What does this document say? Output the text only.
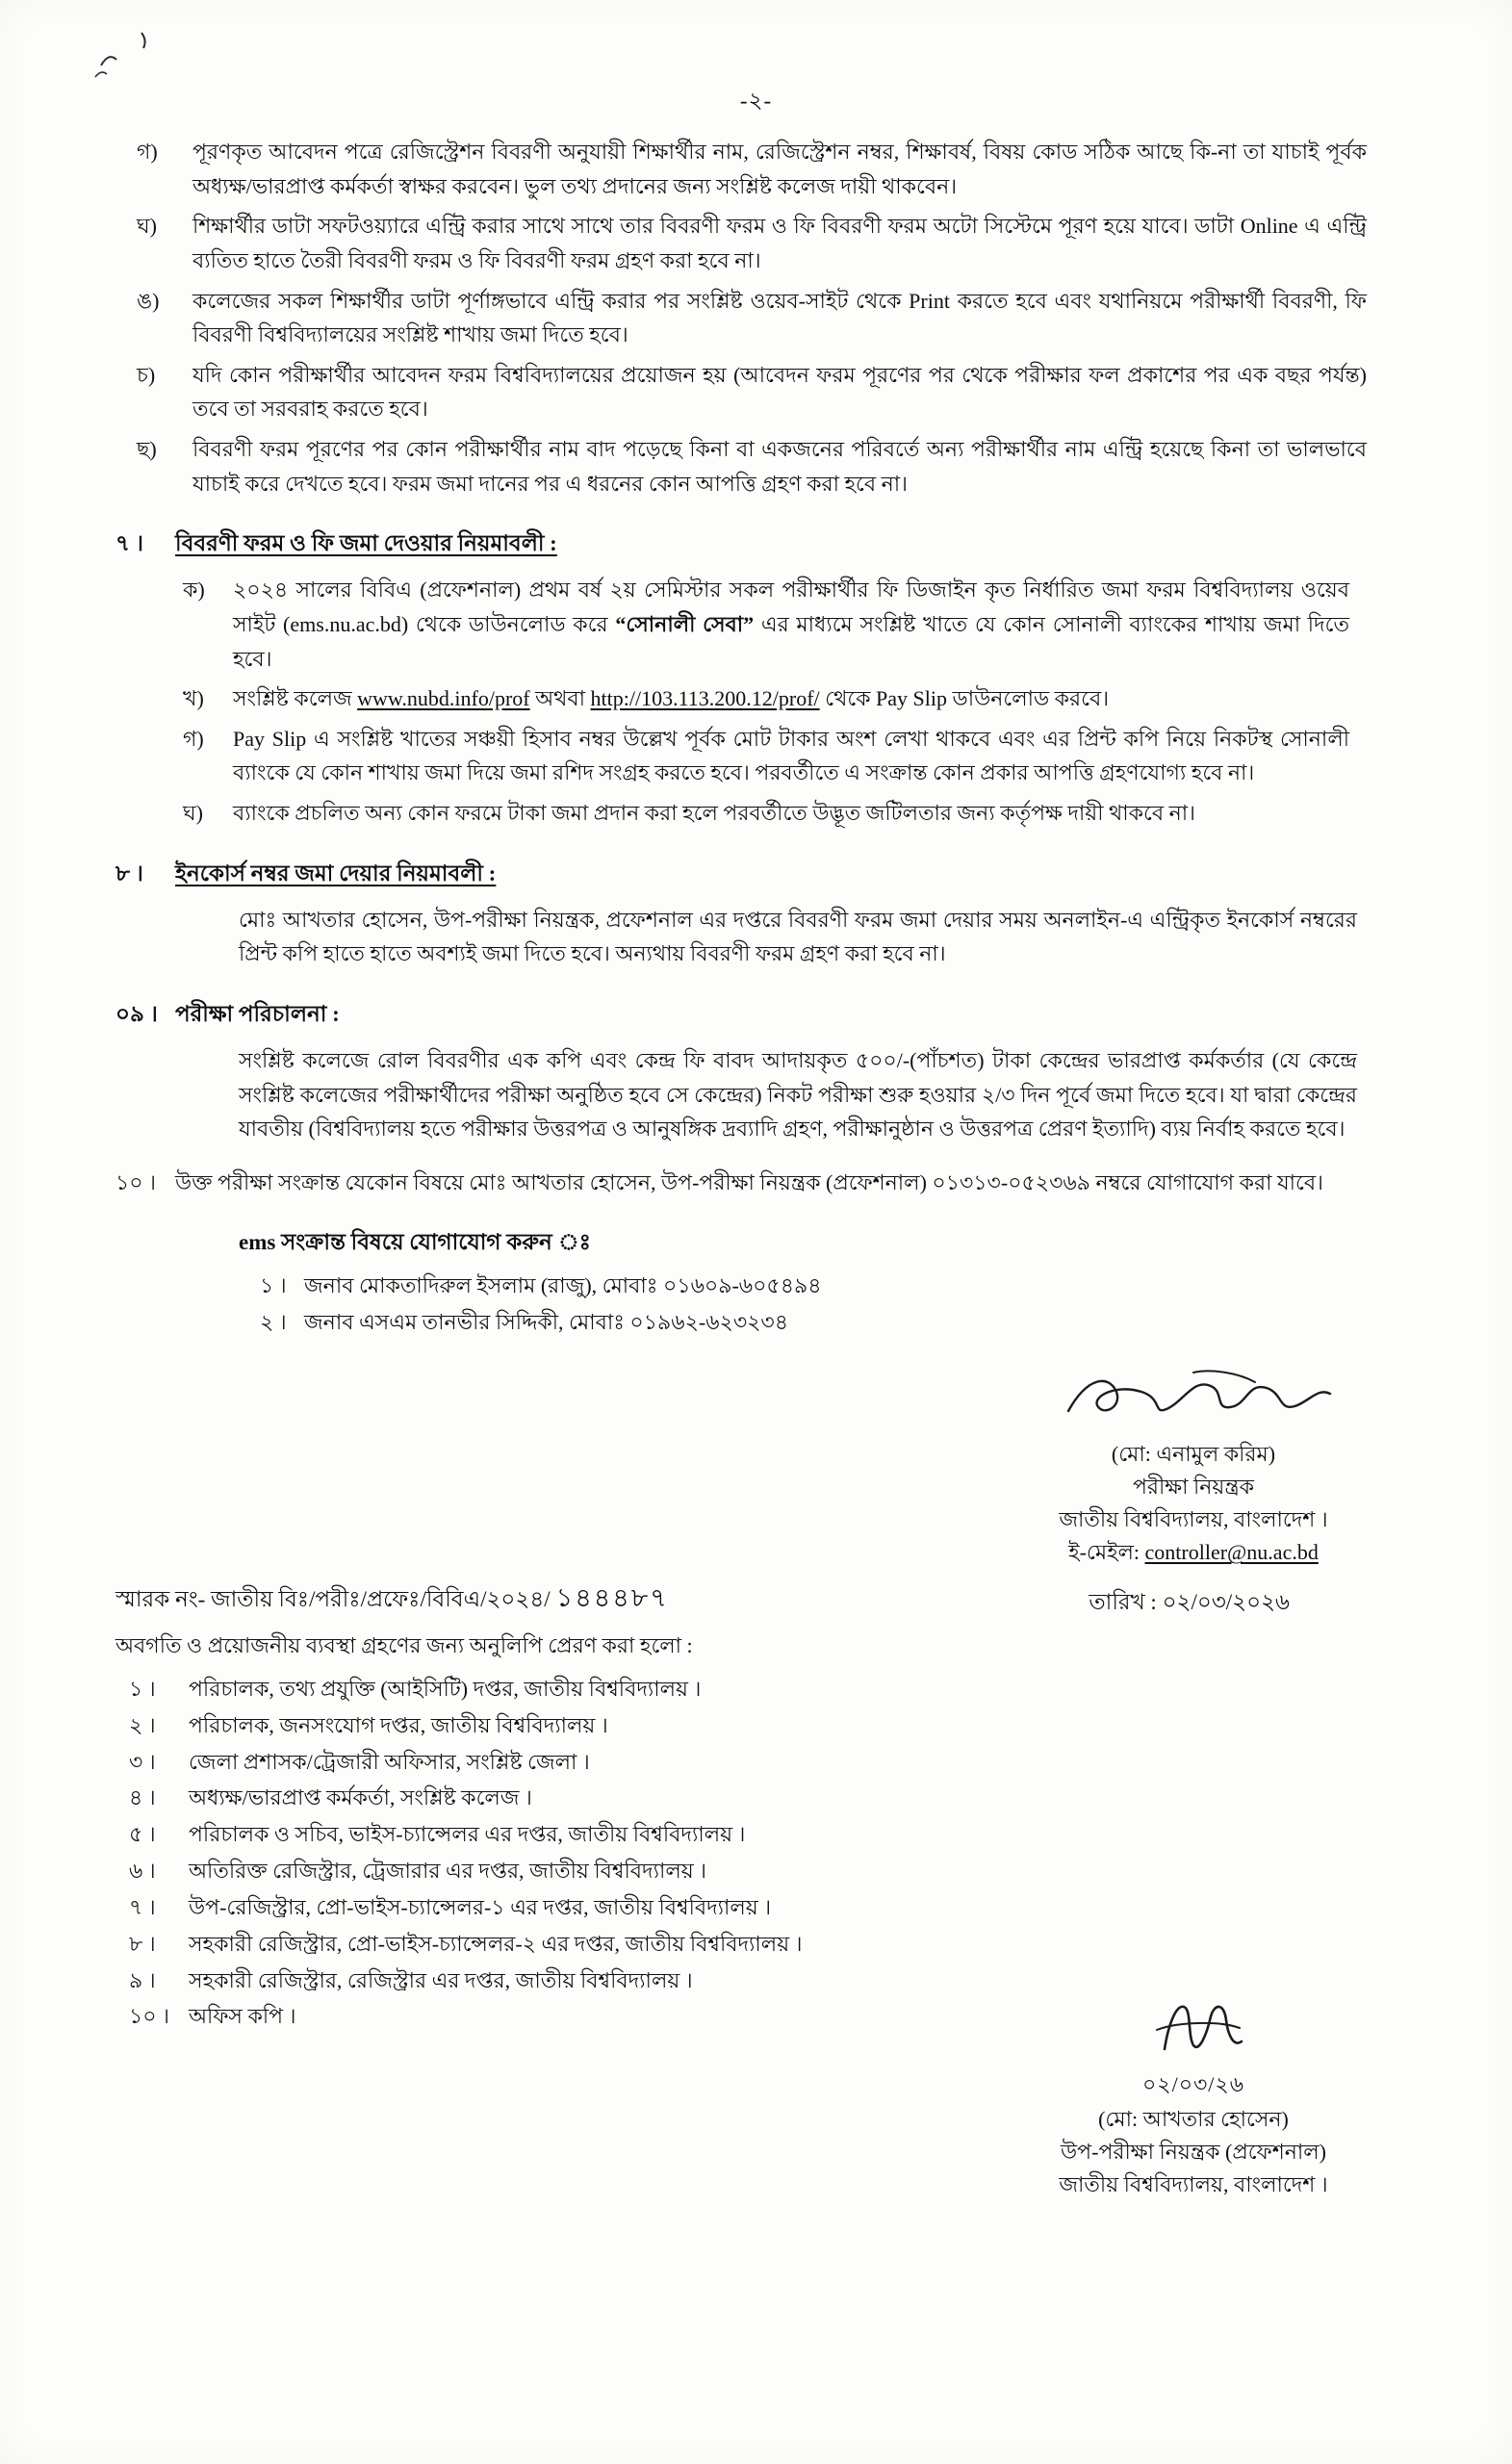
-২-
গ)	পূরণকৃত আবেদন পত্রে রেজিস্ট্রেশন বিবরণী অনুযায়ী শিক্ষার্থীর নাম, রেজিস্ট্রেশন নম্বর, শিক্ষাবর্ষ, বিষয় কোড সঠিক আছে কি-না তা যাচাই পূর্বক অধ্যক্ষ/ভারপ্রাপ্ত কর্মকর্তা স্বাক্ষর করবেন। ভুল তথ্য প্রদানের জন্য সংশ্লিষ্ট কলেজ দায়ী থাকবেন।
ঘ)	শিক্ষার্থীর ডাটা সফটওয়্যারে এন্ট্রি করার সাথে সাথে তার বিবরণী ফরম ও ফি বিবরণী ফরম অটো সিস্টেমে পূরণ হয়ে যাবে। ডাটা Online এ এন্ট্রি ব্যতিত হাতে তৈরী বিবরণী ফরম ও ফি বিবরণী ফরম গ্রহণ করা হবে না।
ঙ)	কলেজের সকল শিক্ষার্থীর ডাটা পূর্ণাঙ্গভাবে এন্ট্রি করার পর সংশ্লিষ্ট ওয়েব-সাইট থেকে Print করতে হবে এবং যথানিয়মে পরীক্ষার্থী বিবরণী, ফি বিবরণী বিশ্ববিদ্যালয়ের সংশ্লিষ্ট শাখায় জমা দিতে হবে।
চ)	যদি কোন পরীক্ষার্থীর আবেদন ফরম বিশ্ববিদ্যালয়ের প্রয়োজন হয় (আবেদন ফরম পূরণের পর থেকে পরীক্ষার ফল প্রকাশের পর এক বছর পর্যন্ত) তবে তা সরবরাহ করতে হবে।
ছ)	বিবরণী ফরম পূরণের পর কোন পরীক্ষার্থীর নাম বাদ পড়েছে কিনা বা একজনের পরিবর্তে অন্য পরীক্ষার্থীর নাম এন্ট্রি হয়েছে কিনা তা ভালভাবে যাচাই করে দেখতে হবে। ফরম জমা দানের পর এ ধরনের কোন আপত্তি গ্রহণ করা হবে না।
৭ ।	বিবরণী ফরম ও ফি জমা দেওয়ার নিয়মাবলী :
ক)	২০২৪ সালের বিবিএ (প্রফেশনাল) প্রথম বর্ষ ২য় সেমিস্টার সকল পরীক্ষার্থীর ফি ডিজাইন কৃত নির্ধারিত জমা ফরম বিশ্ববিদ্যালয় ওয়েব সাইট (ems.nu.ac.bd) থেকে ডাউনলোড করে “সোনালী সেবা” এর মাধ্যমে সংশ্লিষ্ট খাতে যে কোন সোনালী ব্যাংকের শাখায় জমা দিতে হবে।
খ)	সংশ্লিষ্ট কলেজ www.nubd.info/prof অথবা http://103.113.200.12/prof/ থেকে Pay Slip ডাউনলোড করবে।
গ)	Pay Slip এ সংশ্লিষ্ট খাতের সঞ্চয়ী হিসাব নম্বর উল্লেখ পূর্বক মোট টাকার অংশ লেখা থাকবে এবং এর প্রিন্ট কপি নিয়ে নিকটস্থ সোনালী ব্যাংকে যে কোন শাখায় জমা দিয়ে জমা রশিদ সংগ্রহ করতে হবে। পরবর্তীতে এ সংক্রান্ত কোন প্রকার আপত্তি গ্রহণযোগ্য হবে না।
ঘ)	ব্যাংকে প্রচলিত অন্য কোন ফরমে টাকা জমা প্রদান করা হলে পরবর্তীতে উদ্ভূত জটিলতার জন্য কর্তৃপক্ষ দায়ী থাকবে না।
৮ ।	ইনকোর্স নম্বর জমা দেয়ার নিয়মাবলী :
মোঃ আখতার হোসেন, উপ-পরীক্ষা নিয়ন্ত্রক, প্রফেশনাল এর দপ্তরে বিবরণী ফরম জমা দেয়ার সময় অনলাইন-এ এন্ট্রিকৃত ইনকোর্স নম্বরের প্রিন্ট কপি হাতে হাতে অবশ্যই জমা দিতে হবে। অন্যথায় বিবরণী ফরম গ্রহণ করা হবে না।
০৯ । পরীক্ষা পরিচালনা :
সংশ্লিষ্ট কলেজে রোল বিবরণীর এক কপি এবং কেন্দ্র ফি বাবদ আদায়কৃত ৫০০/-(পাঁচশত) টাকা কেন্দ্রের ভারপ্রাপ্ত কর্মকর্তার (যে কেন্দ্রে সংশ্লিষ্ট কলেজের পরীক্ষার্থীদের পরীক্ষা অনুষ্ঠিত হবে সে কেন্দ্রের) নিকট পরীক্ষা শুরু হওয়ার ২/৩ দিন পূর্বে জমা দিতে হবে। যা দ্বারা কেন্দ্রের যাবতীয় (বিশ্ববিদ্যালয় হতে পরীক্ষার উত্তরপত্র ও আনুষঙ্গিক দ্রব্যাদি গ্রহণ, পরীক্ষানুষ্ঠান ও উত্তরপত্র প্রেরণ ইত্যাদি) ব্যয় নির্বাহ করতে হবে।
১০ । উক্ত পরীক্ষা সংক্রান্ত যেকোন বিষয়ে মোঃ আখতার হোসেন, উপ-পরীক্ষা নিয়ন্ত্রক (প্রফেশনাল) ০১৩১৩-০৫২৩৬৯ নম্বরে যোগাযোগ করা যাবে।
ems সংক্রান্ত বিষয়ে যোগাযোগ করুন ঃ
১ । জনাব মোকতাদিরুল ইসলাম (রাজু), মোবাঃ ০১৬০৯-৬০৫৪৯৪
২ । জনাব এসএম তানভীর সিদ্দিকী, মোবাঃ ০১৯৬২-৬২৩২৩৪
(মো: এনামুল করিম)
পরীক্ষা নিয়ন্ত্রক
জাতীয় বিশ্ববিদ্যালয়, বাংলাদেশ ।
ই-মেইল: controller@nu.ac.bd
স্মারক নং- জাতীয় বিঃ/পরীঃ/প্রফেঃ/বিবিএ/২০২৪/ ১৪৪৪৮৭	তারিখ : ০২/০৩/২০২৬
অবগতি ও প্রয়োজনীয় ব্যবস্থা গ্রহণের জন্য অনুলিপি প্রেরণ করা হলো :
১ ।	পরিচালক, তথ্য প্রযুক্তি (আইসিটি) দপ্তর, জাতীয় বিশ্ববিদ্যালয় ।
২ ।	পরিচালক, জনসংযোগ দপ্তর, জাতীয় বিশ্ববিদ্যালয় ।
৩ ।	জেলা প্রশাসক/ট্রেজারী অফিসার, সংশ্লিষ্ট জেলা ।
৪ ।	অধ্যক্ষ/ভারপ্রাপ্ত কর্মকর্তা, সংশ্লিষ্ট কলেজ ।
৫ ।	পরিচালক ও সচিব, ভাইস-চ্যান্সেলর এর দপ্তর, জাতীয় বিশ্ববিদ্যালয় ।
৬ ।	অতিরিক্ত রেজিস্ট্রার, ট্রেজারার এর দপ্তর, জাতীয় বিশ্ববিদ্যালয় ।
৭ ।	উপ-রেজিস্ট্রার, প্রো-ভাইস-চ্যান্সেলর-১ এর দপ্তর, জাতীয় বিশ্ববিদ্যালয় ।
৮ ।	সহকারী রেজিস্ট্রার, প্রো-ভাইস-চ্যান্সেলর-২ এর দপ্তর, জাতীয় বিশ্ববিদ্যালয় ।
৯ ।	সহকারী রেজিস্ট্রার, রেজিস্ট্রার এর দপ্তর, জাতীয় বিশ্ববিদ্যালয় ।
১০ । অফিস কপি ।
০২/০৩/২৬
(মো: আখতার হোসেন)
উপ-পরীক্ষা নিয়ন্ত্রক (প্রফেশনাল)
জাতীয় বিশ্ববিদ্যালয়, বাংলাদেশ ।
